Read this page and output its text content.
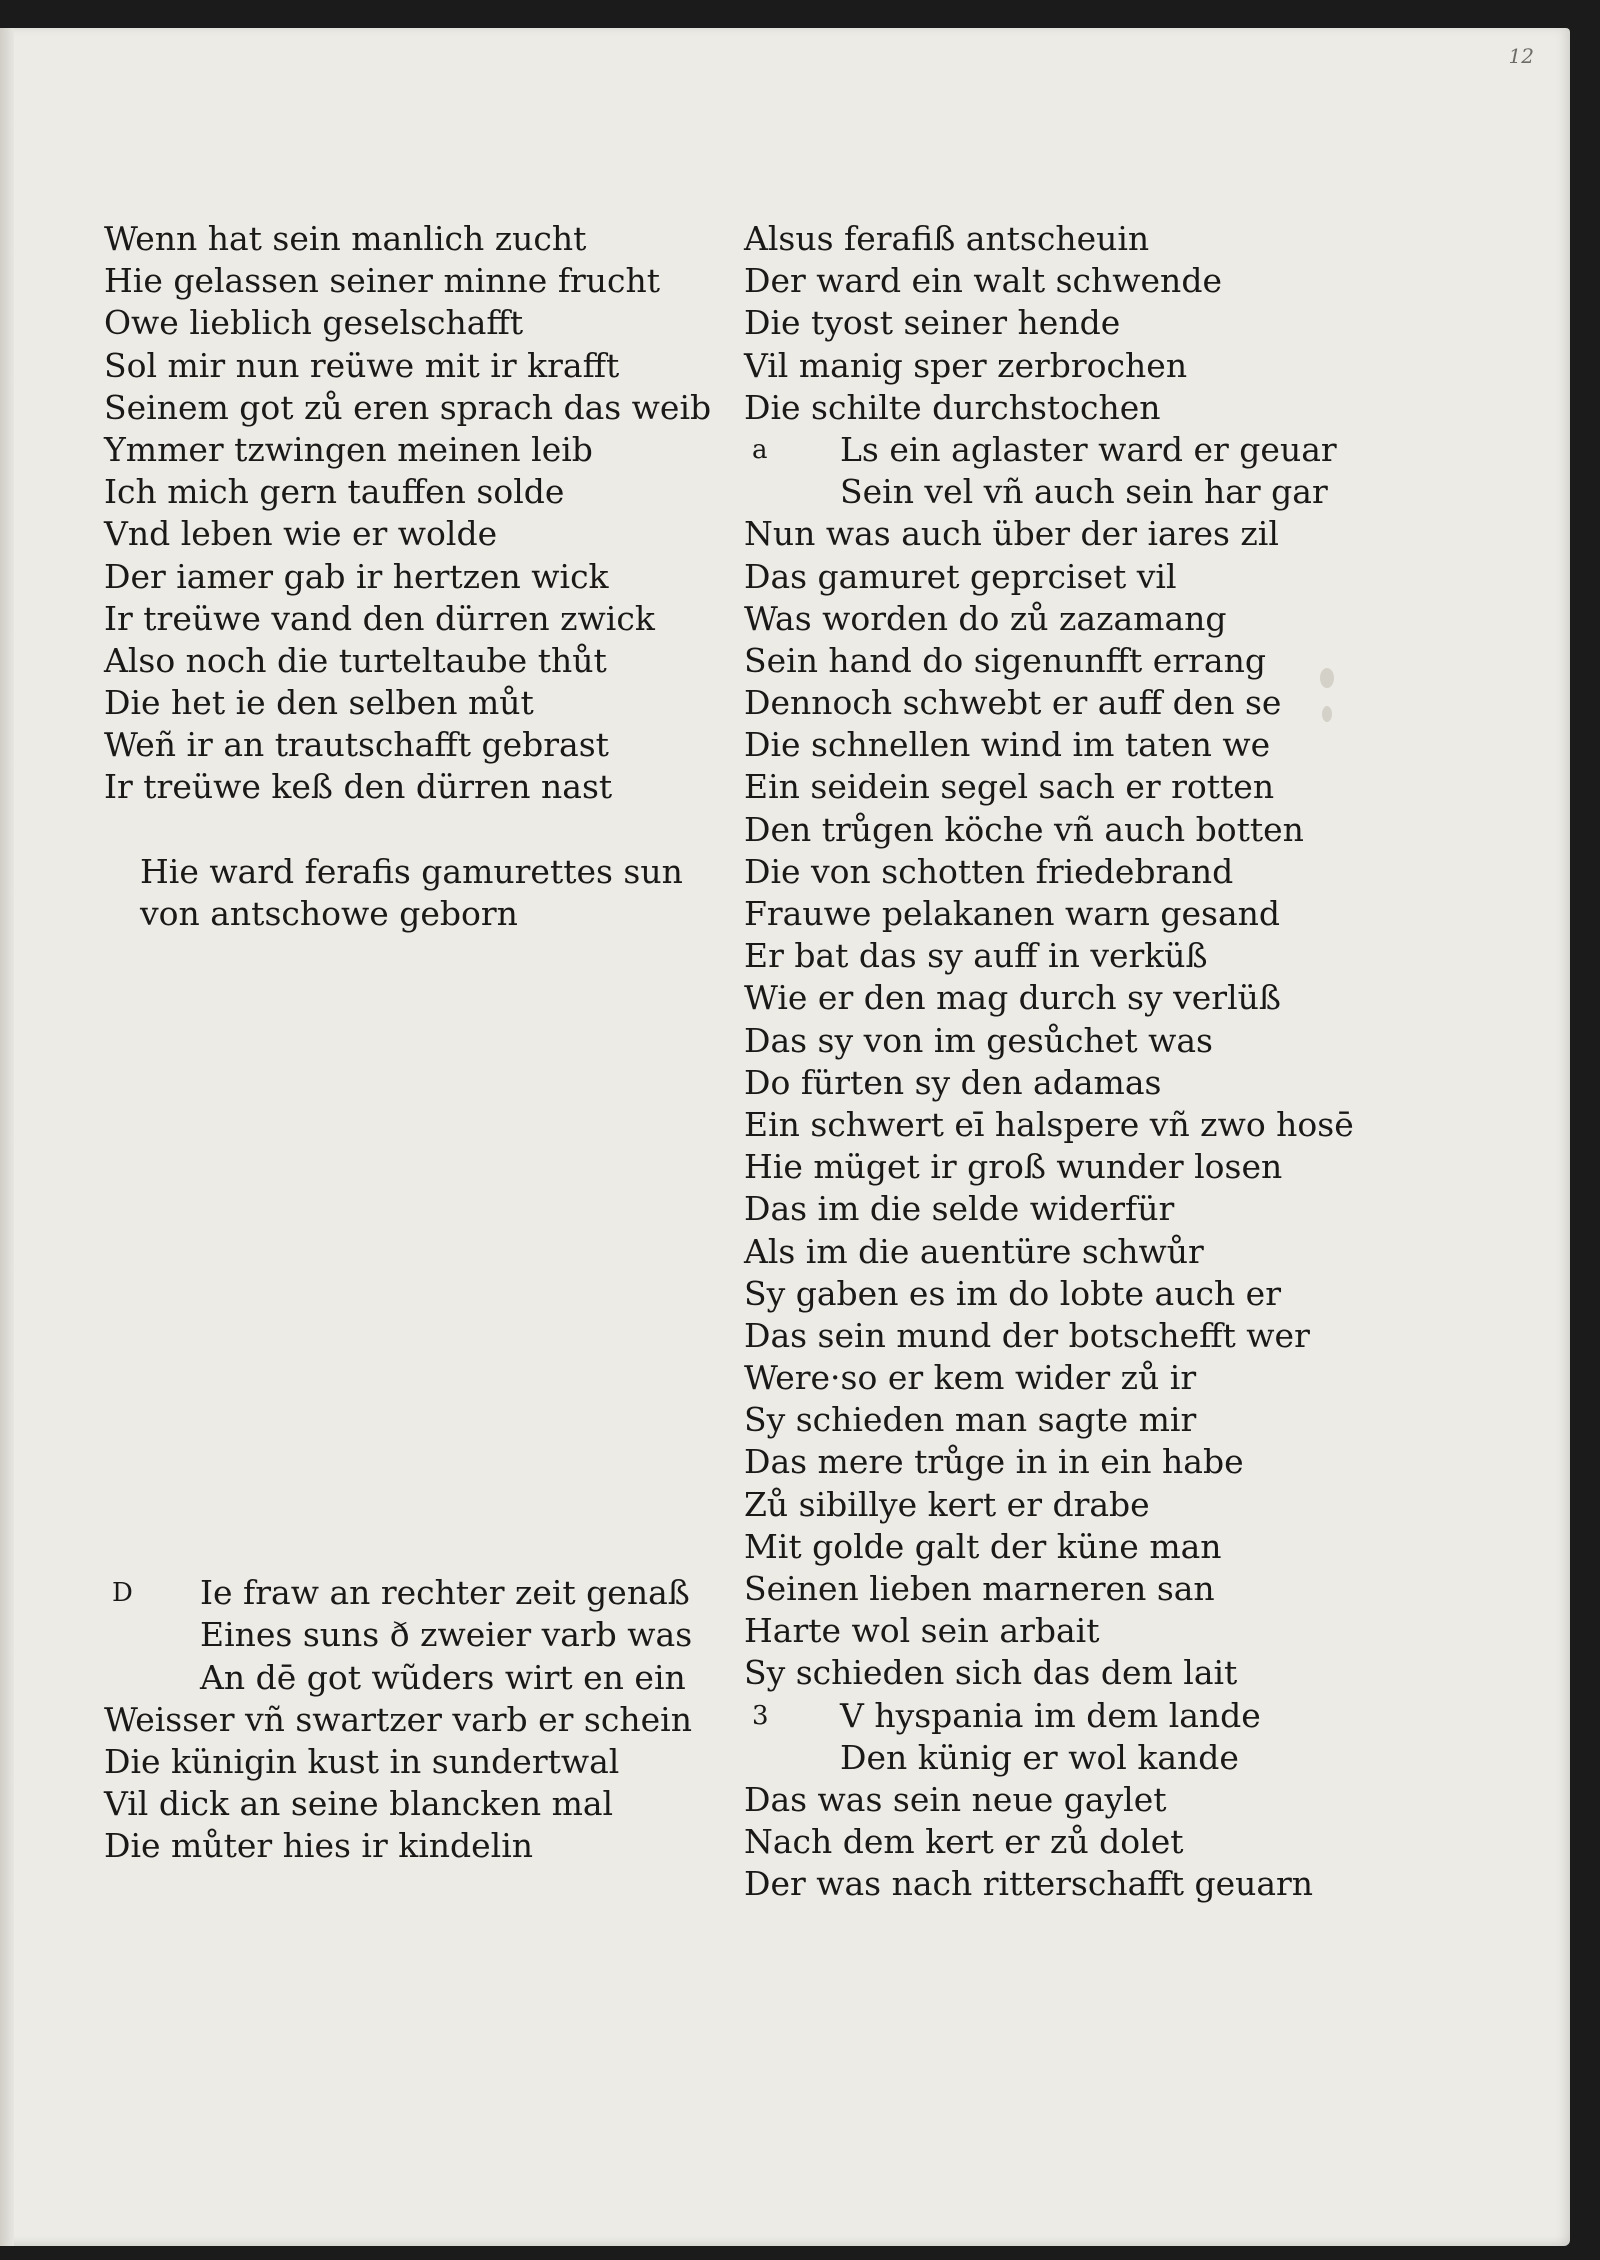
12
Wenn hat sein manlich zucht
Hie gelassen seiner minne frucht
Owe lieblich geselschafft
Sol mir nun reüwe mit ir krafft
Seinem got zů eren sprach das weib
Ymmer tzwingen meinen leib
Ich mich gern tauffen solde
Vnd leben wie er wolde
Der iamer gab ir hertzen wick
Ir treüwe vand den dürren zwick
Also noch die turteltaube thůt
Die het ie den selben můt
Weñ ir an trautschafft gebrast
Ir treüwe keß den dürren nast
Hie ward ferafis gamurettes sun
von antschowe geborn
D Ie fraw an rechter zeit genaß
Eines suns ð zweier varb was
An dē got wũders wirt en ein
Weisser vñ swartzer varb er schein
Die künigin kust in sundertwal
Vil dick an seine blancken mal
Die můter hies ir kindelin
Alsus ferafiß antscheuin
Der ward ein walt schwende
Die tyost seiner hende
Vil manig sper zerbrochen
Die schilte durchstochen
a Ls ein aglaster ward er geuar
Sein vel vñ auch sein har gar
Nun was auch über der iares zil
Das gamuret geprciset vil
Was worden do zů zazamang
Sein hand do sigenunfft errang
Dennoch schwebt er auff den se
Die schnellen wind im taten we
Ein seidein segel sach er rotten
Den trůgen köche vñ auch botten
Die von schotten friedebrand
Frauwe pelakanen warn gesand
Er bat das sy auff in verküß
Wie er den mag durch sy verlüß
Das sy von im gesůchet was
Do fürten sy den adamas
Ein schwert eī halspere vñ zwo hosē
Hie müget ir groß wunder losen
Das im die selde widerfür
Als im die auentüre schwůr
Sy gaben es im do lobte auch er
Das sein mund der botschefft wer
Were·so er kem wider zů ir
Sy schieden man sagte mir
Das mere trůge in in ein habe
Zů sibillye kert er drabe
Mit golde galt der küne man
Seinen lieben marneren san
Harte wol sein arbait
Sy schieden sich das dem lait
3 V hyspania im dem lande
Den künig er wol kande
Das was sein neue gaylet
Nach dem kert er zů dolet
Der was nach ritterschafft geuarn
